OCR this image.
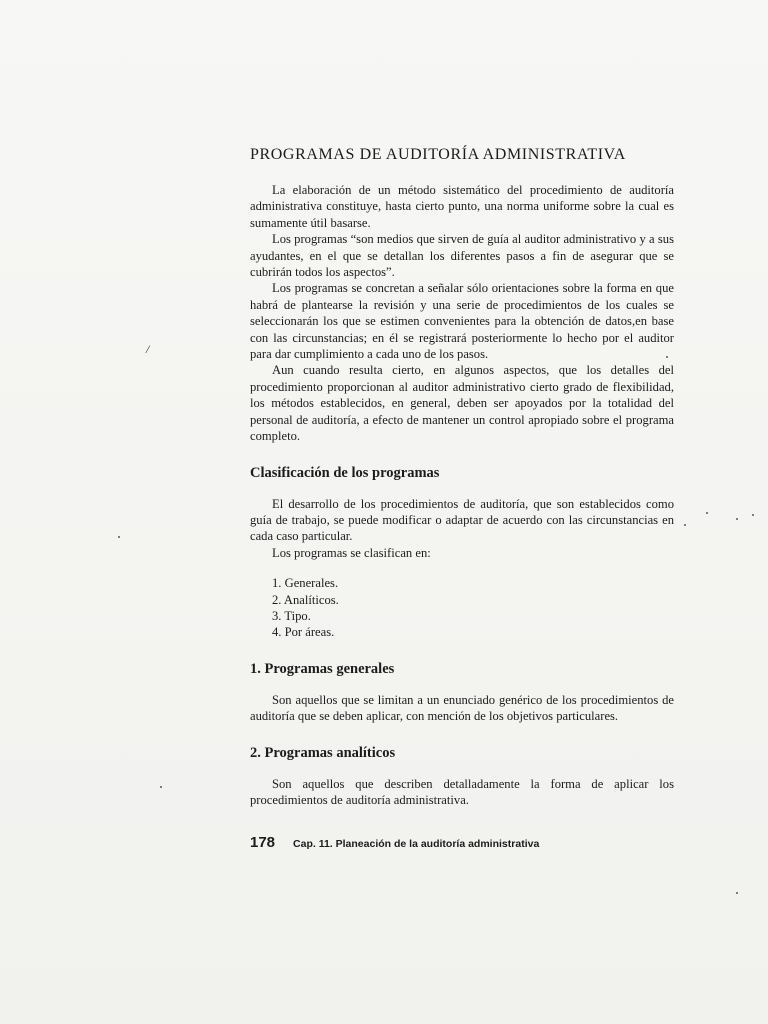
PROGRAMAS DE AUDITORÍA ADMINISTRATIVA

La elaboración de un método sistemático del procedimiento de auditoría administrativa constituye, hasta cierto punto, una norma uniforme sobre la cual es sumamente útil basarse.

Los programas “son medios que sirven de guía al auditor administrativo y a sus ayudantes, en el que se detallan los diferentes pasos a fin de asegurar que se cubrirán todos los aspectos”.

Los programas se concretan a señalar sólo orientaciones sobre la forma en que habrá de plantearse la revisión y una serie de procedimientos de los cuales se seleccionarán los que se estimen convenientes para la obtención de datos,en base con las circunstancias; en él se registrará posteriormente lo hecho por el auditor para dar cumplimiento a cada uno de los pasos.

Aun cuando resulta cierto, en algunos aspectos, que los detalles del procedimiento proporcionan al auditor administrativo cierto grado de flexibilidad, los métodos establecidos, en general, deben ser apoyados por la totalidad del personal de auditoría, a efecto de mantener un control apropiado sobre el programa completo.

Clasificación de los programas

El desarrollo de los procedimientos de auditoría, que son establecidos como guía de trabajo, se puede modificar o adaptar de acuerdo con las circunstancias en cada caso particular.

Los programas se clasifican en:

1. Generales.
2. Analíticos.
3. Tipo.
4. Por áreas.
1. Programas generales

Son aquellos que se limitan a un enunciado genérico de los procedimientos de auditoría que se deben aplicar, con mención de los objetivos particulares.

2. Programas analíticos

Son aquellos que describen detalladamente la forma de aplicar los procedimientos de auditoría administrativa.

178 Cap. 11. Planeación de la auditoría administrativa
/
